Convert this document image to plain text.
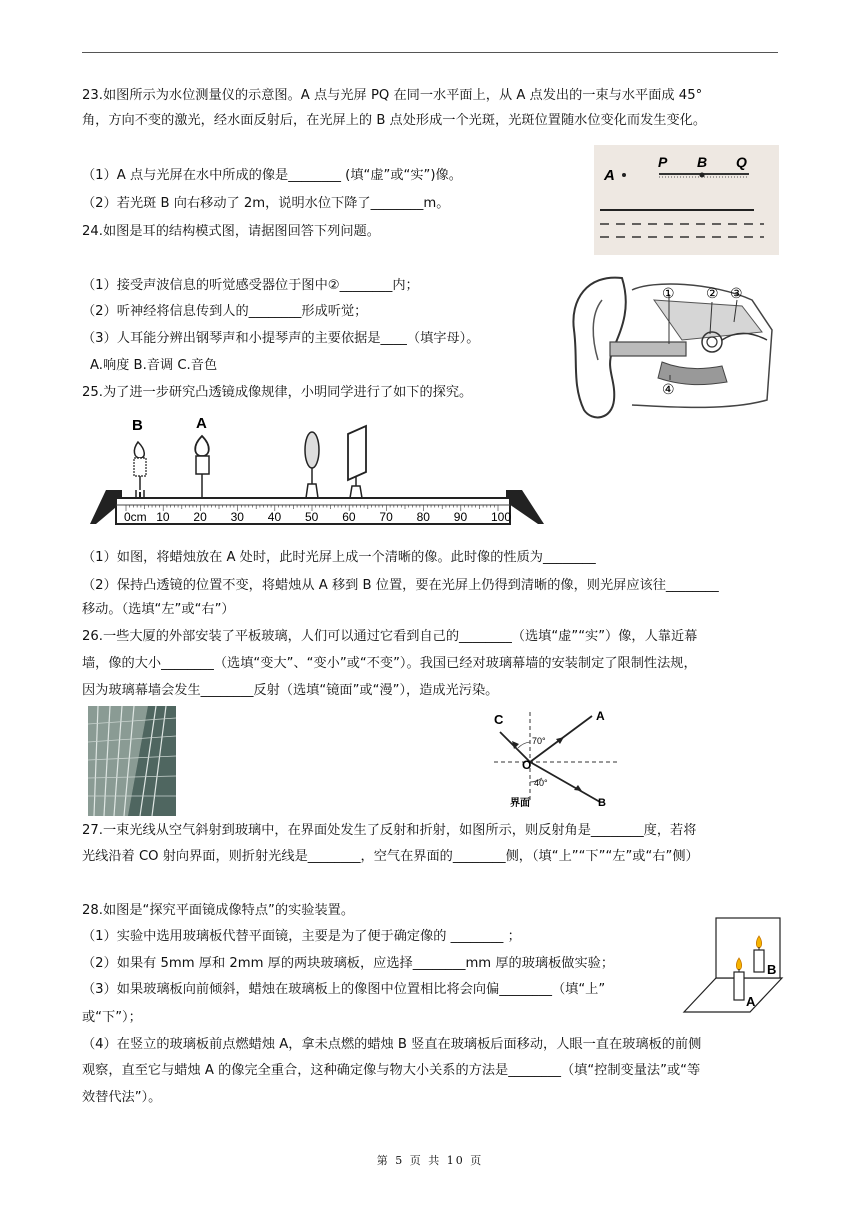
23.如图所示为水位测量仪的示意图。A 点与光屏 PQ 在同一水平面上，从 A 点发出的一束与水平面成 45°
角，方向不变的激光，经水面反射后，在光屏上的 B 点处形成一个光斑，光斑位置随水位变化而发生变化。
（1）A 点与光屏在水中所成的像是________ (填“虚”或“实”)像。
（2）若光斑 B 向右移动了 2m，说明水位下降了________m。
A
P B Q
24.如图是耳的结构模式图，请据图回答下列问题。
（1）接受声波信息的听觉感受器位于图中②________内；
（2）听神经将信息传到人的________形成听觉；
（3）人耳能分辨出钢琴声和小提琴声的主要依据是____（填字母）。
A.响度 B.音调 C.音色
① ② ③
④
25.为了进一步研究凸透镜成像规律，小明同学进行了如下的探究。
0cm 10 20 30 40 50 60 70 80 90 100
B	A
（1）如图，将蜡烛放在 A 处时，此时光屏上成一个清晰的像。此时像的性质为________
（2）保持凸透镜的位置不变，将蜡烛从 A 移到 B 位置，要在光屏上仍得到清晰的像，则光屏应该往________
移动。（选填“左”或“右”）
26.一些大厦的外部安装了平板玻璃，人们可以通过它看到自己的________（选填“虚”“实”）像，人靠近幕
墙，像的大小________（选填“变大”、“变小”或“不变”）。我国已经对玻璃幕墙的安装制定了限制性法规，
因为玻璃幕墙会发生________反射（选填“镜面”或“漫”），造成光污染。
C	A
O
B
70°
40°
界面
27.一束光线从空气斜射到玻璃中，在界面处发生了反射和折射，如图所示，则反射角是________度，若将
光线沿着 CO 射向界面，则折射光线是________，空气在界面的________侧，（填“上”“下”“左”或“右”侧）
28.如图是“探究平面镜成像特点”的实验装置。
（1）实验中选用玻璃板代替平面镜，主要是为了便于确定像的 ________ ；
（2）如果有 5mm 厚和 2mm 厚的两块玻璃板，应选择________mm 厚的玻璃板做实验；
（3）如果玻璃板向前倾斜，蜡烛在玻璃板上的像图中位置相比将会向偏________（填“上”
或“下”）；
（4）在竖立的玻璃板前点燃蜡烛 A，拿未点燃的蜡烛 B 竖直在玻璃板后面移动，人眼一直在玻璃板的前侧
观察，直至它与蜡烛 A 的像完全重合，这种确定像与物大小关系的方法是________（填“控制变量法”或“等
效替代法”）。
B
A
第 5 页 共 10 页
